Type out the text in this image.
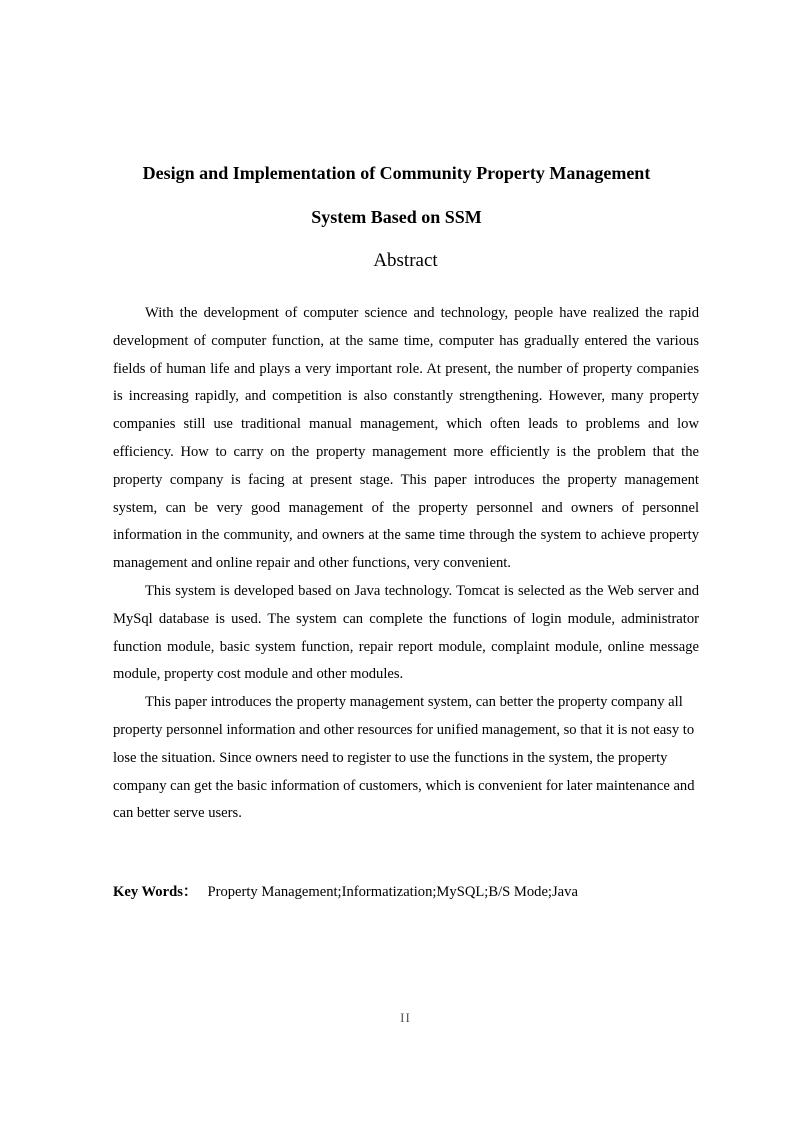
Design and Implementation of Community Property Management
System Based on SSM
Abstract

With the development of computer science and technology, people have realized the rapid development of computer function, at the same time, computer has gradually entered the various fields of human life and plays a very important role. At present, the number of property companies is increasing rapidly, and competition is also constantly strengthening. However, many property companies still use traditional manual management, which often leads to problems and low efficiency. How to carry on the property management more efficiently is the problem that the property company is facing at present stage. This paper introduces the property management system, can be very good management of the property personnel and owners of personnel information in the community, and owners at the same time through the system to achieve property management and online repair and other functions, very convenient.

This system is developed based on Java technology. Tomcat is selected as the Web server and MySql database is used. The system can complete the functions of login module, administrator function module, basic system function, repair report module, complaint module, online message module, property cost module and other modules.

This paper introduces the property management system, can better the property company all property personnel information and other resources for unified management, so that it is not easy to lose the situation. Since owners need to register to use the functions in the system, the property company can get the basic information of customers, which is convenient for later maintenance and can better serve users.

Key Words： Property Management;Informatization;MySQL;B/S Mode;Java
II
